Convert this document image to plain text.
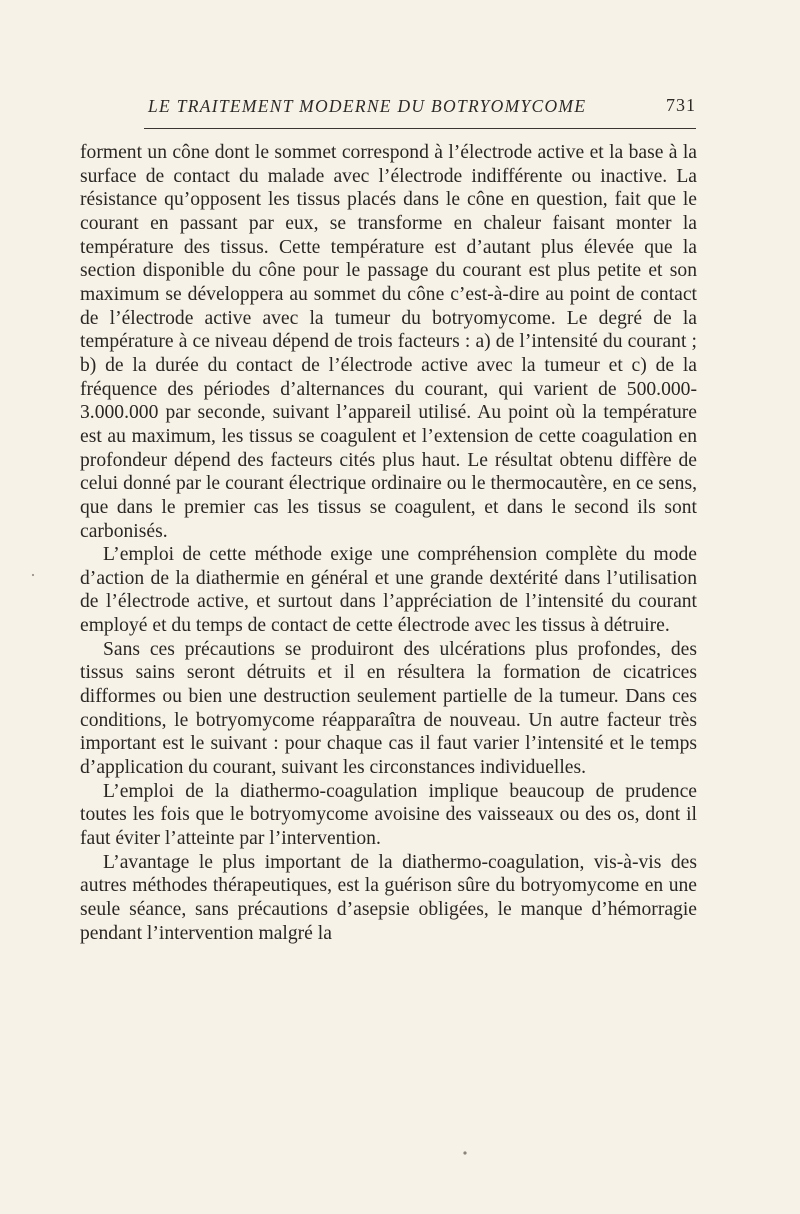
LE TRAITEMENT MODERNE DU BOTRYOMYCOME	731

forment un cône dont le sommet correspond à l’électrode active et la base à la surface de contact du malade avec l’électrode indifférente ou inactive. La résistance qu’opposent les tissus placés dans le cône en question, fait que le courant en passant par eux, se transforme en chaleur faisant monter la température des tissus. Cette température est d’autant plus élevée que la section disponible du cône pour le passage du courant est plus petite et son maximum se développera au sommet du cône c’est-à-dire au point de contact de l’électrode active avec la tumeur du botryomycome. Le degré de la température à ce niveau dépend de trois facteurs : a) de l’intensité du courant ; b) de la durée du contact de l’électrode active avec la tumeur et c) de la fréquence des périodes d’alternances du courant, qui varient de 500.000-3.000.000 par seconde, suivant l’appareil utilisé. Au point où la température est au maximum, les tissus se coagulent et l’extension de cette coagulation en profondeur dépend des facteurs cités plus haut. Le résultat obtenu diffère de celui donné par le courant électrique ordinaire ou le thermocautère, en ce sens, que dans le premier cas les tissus se coagulent, et dans le second ils sont carbonisés.

L’emploi de cette méthode exige une compréhension complète du mode d’action de la diathermie en général et une grande dextérité dans l’utilisation de l’électrode active, et surtout dans l’appréciation de l’intensité du courant employé et du temps de contact de cette électrode avec les tissus à détruire.

Sans ces précautions se produiront des ulcérations plus profondes, des tissus sains seront détruits et il en résultera la formation de cicatrices difformes ou bien une destruction seulement partielle de la tumeur. Dans ces conditions, le botryomycome réapparaîtra de nouveau. Un autre facteur très important est le suivant : pour chaque cas il faut varier l’intensité et le temps d’application du courant, suivant les circonstances individuelles.

L’emploi de la diathermo-coagulation implique beaucoup de prudence toutes les fois que le botryomycome avoisine des vaisseaux ou des os, dont il faut éviter l’atteinte par l’intervention.

L’avantage le plus important de la diathermo-coagulation, vis-à-vis des autres méthodes thérapeutiques, est la guérison sûre du botryomycome en une seule séance, sans précautions d’asepsie obligées, le manque d’hémorragie pendant l’intervention malgré la
